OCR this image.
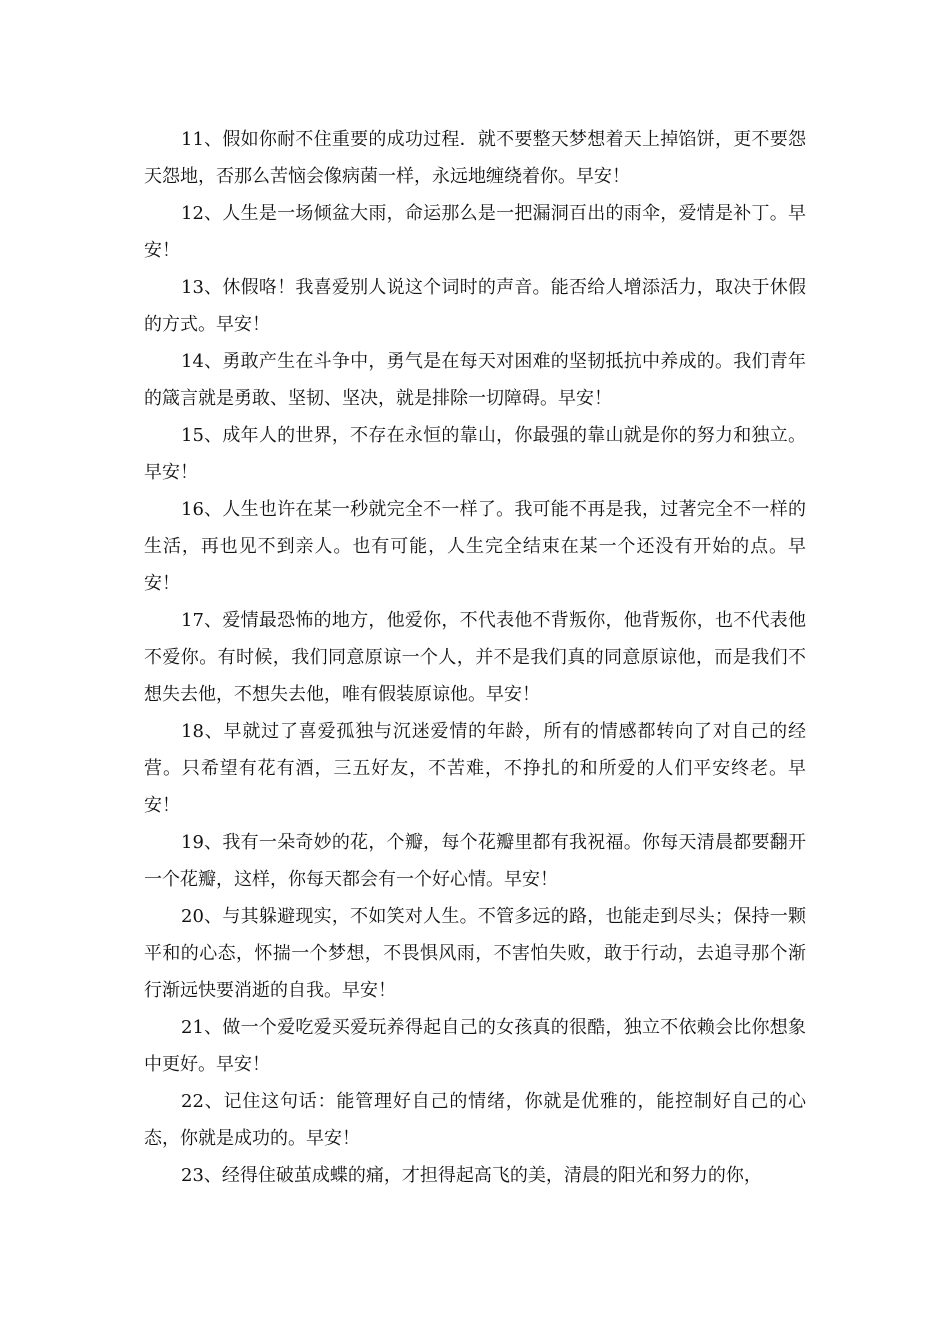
11、假如你耐不住重要的成功过程．就不要整天梦想着天上掉馅饼，更不要怨天怨地，否那么苦恼会像病菌一样，永远地缠绕着你。早安！

12、人生是一场倾盆大雨，命运那么是一把漏洞百出的雨伞，爱情是补丁。早安！

13、休假咯！我喜爱别人说这个词时的声音。能否给人增添活力，取决于休假的方式。早安！

14、勇敢产生在斗争中，勇气是在每天对困难的坚韧抵抗中养成的。我们青年的箴言就是勇敢、坚韧、坚决，就是排除一切障碍。早安！

15、成年人的世界，不存在永恒的靠山，你最强的靠山就是你的努力和独立。早安！

16、人生也许在某一秒就完全不一样了。我可能不再是我，过著完全不一样的生活，再也见不到亲人。也有可能，人生完全结束在某一个还没有开始的点。早安！

17、爱情最恐怖的地方，他爱你，不代表他不背叛你，他背叛你，也不代表他不爱你。有时候，我们同意原谅一个人，并不是我们真的同意原谅他，而是我们不想失去他，不想失去他，唯有假装原谅他。早安！

18、早就过了喜爱孤独与沉迷爱情的年龄，所有的情感都转向了对自己的经营。只希望有花有酒，三五好友，不苦难，不挣扎的和所爱的人们平安终老。早安！

19、我有一朵奇妙的花，个瓣，每个花瓣里都有我祝福。你每天清晨都要翻开一个花瓣，这样，你每天都会有一个好心情。早安！

20、与其躲避现实，不如笑对人生。不管多远的路，也能走到尽头；保持一颗平和的心态，怀揣一个梦想，不畏惧风雨，不害怕失败，敢于行动，去追寻那个渐行渐远快要消逝的自我。早安！

21、做一个爱吃爱买爱玩养得起自己的女孩真的很酷，独立不依赖会比你想象中更好。早安！

22、记住这句话：能管理好自己的情绪，你就是优雅的，能控制好自己的心态，你就是成功的。早安！

23、经得住破茧成蝶的痛，才担得起高飞的美，清晨的阳光和努力的你，
